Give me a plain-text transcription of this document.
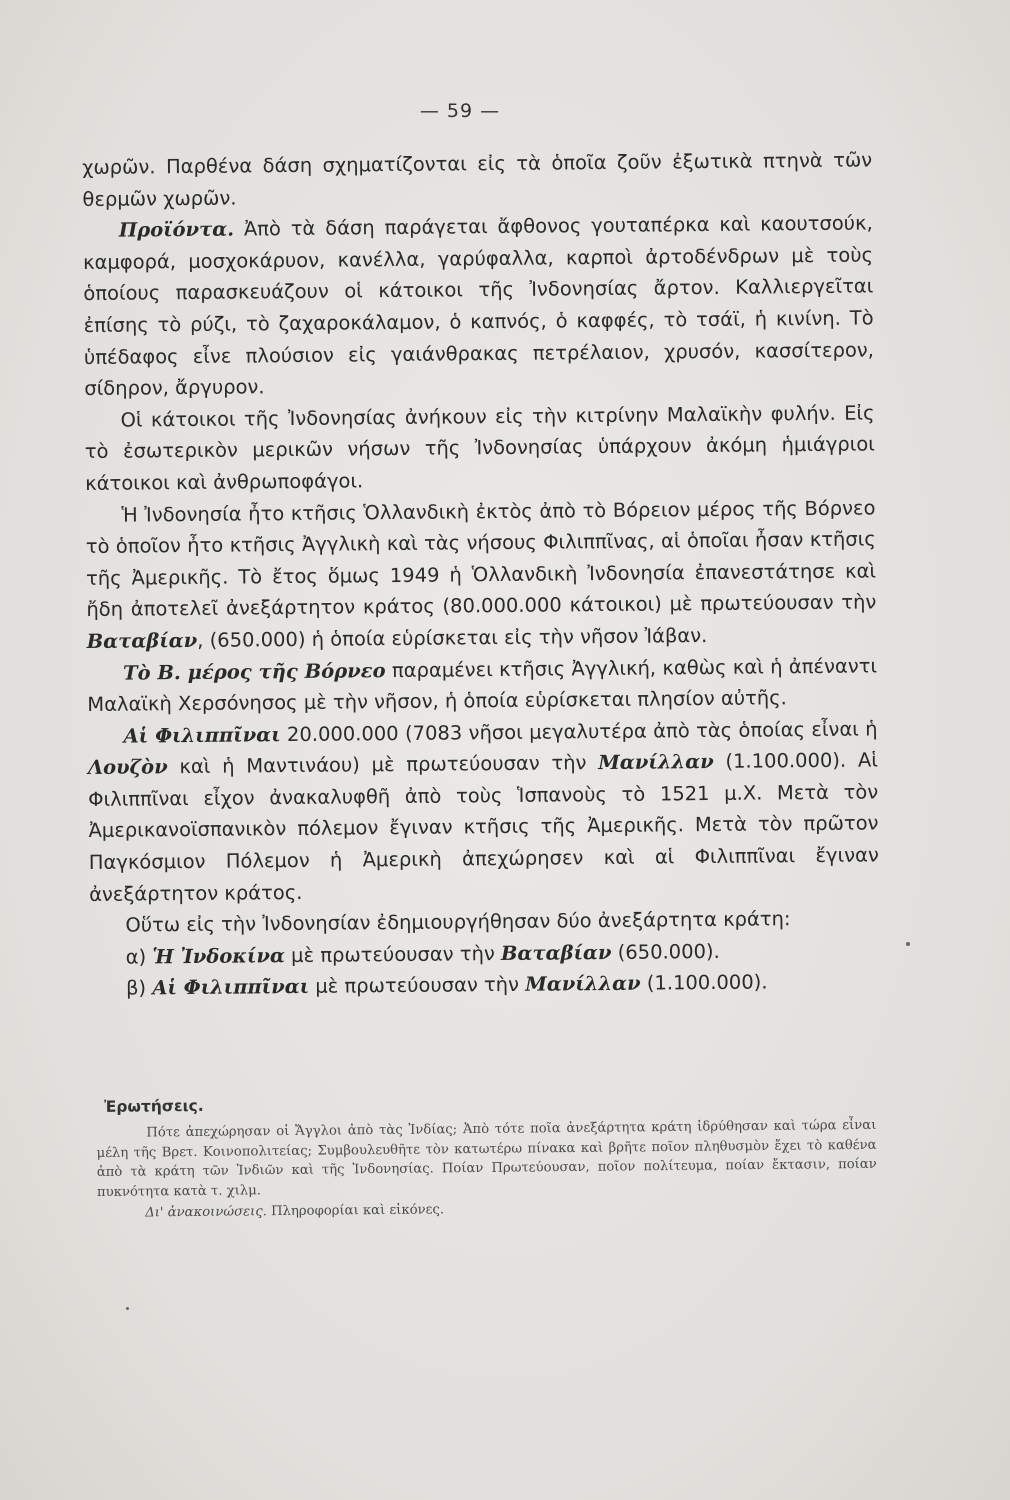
— 59 —

χωρῶν. Παρθένα δάση σχηματίζονται εἰς τὰ ὁποῖα ζοῦν ἐξωτικὰ πτηνὰ τῶν θερμῶν χωρῶν.

Προϊόντα. Ἀπὸ τὰ δάση παράγεται ἄφθονος γουταπέρκα καὶ καουτσούκ, καμφορά, μοσχοκάρυον, κανέλλα, γαρύφαλλα, καρποὶ ἀρτοδένδρων μὲ τοὺς ὁποίους παρασκευάζουν οἱ κάτοικοι τῆς Ἰνδονησίας ἄρτον. Καλλιεργεῖται ἐπίσης τὸ ρύζι, τὸ ζαχαροκάλαμον, ὁ καπνός, ὁ καφφές, τὸ τσάϊ, ἡ κινίνη. Τὸ ὑπέδαφος εἶνε πλούσιον εἰς γαιάνθρακας πετρέλαιον, χρυσόν, κασσίτερον, σίδηρον, ἄργυρον.

Οἱ κάτοικοι τῆς Ἰνδονησίας ἀνήκουν εἰς τὴν κιτρίνην Μαλαϊκὴν φυλήν. Εἰς τὸ ἐσωτερικὸν μερικῶν νήσων τῆς Ἰνδονησίας ὑπάρχουν ἀκόμη ἡμιάγριοι κάτοικοι καὶ ἀνθρωποφάγοι.

Ἡ Ἰνδονησία ἦτο κτῆσις Ὁλλανδικὴ ἐκτὸς ἀπὸ τὸ Βόρειον μέρος τῆς Βόρνεο τὸ ὁποῖον ἦτο κτῆσις Ἀγγλικὴ καὶ τὰς νήσους Φιλιππῖνας, αἱ ὁποῖαι ἦσαν κτῆσις τῆς Ἀμερικῆς. Τὸ ἔτος ὅμως 1949 ἡ Ὁλλανδικὴ Ἰνδονησία ἐπανεστάτησε καὶ ἤδη ἀποτελεῖ ἀνεξάρτητον κράτος (80.000.000 κάτοικοι) μὲ πρωτεύουσαν τὴν Βαταβίαν, (650.000) ἡ ὁποία εὑρίσκεται εἰς τὴν νῆσον Ἰάβαν.

Τὸ Β. μέρος τῆς Βόρνεο παραμένει κτῆσις Ἀγγλική, καθὼς καὶ ἡ ἀπέναντι Μαλαϊκὴ Χερσόνησος μὲ τὴν νῆσον, ἡ ὁποία εὑρίσκεται πλησίον αὐτῆς.

Αἱ Φιλιππῖναι 20.000.000 (7083 νῆσοι μεγαλυτέρα ἀπὸ τὰς ὁποίας εἶναι ἡ Λουζὸν καὶ ἡ Μαντινάου) μὲ πρωτεύουσαν τὴν Μανίλλαν (1.100.000). Αἱ Φιλιππῖναι εἶχον ἀνακαλυφθῆ ἀπὸ τοὺς Ἱσπανοὺς τὸ 1521 μ.Χ. Μετὰ τὸν Ἀμερικανοϊσπανικὸν πόλεμον ἔγιναν κτῆσις τῆς Ἀμερικῆς. Μετὰ τὸν πρῶτον Παγκόσμιον Πόλεμον ἡ Ἀμερικὴ ἀπεχώρησεν καὶ αἱ Φιλιππῖναι ἔγιναν ἀνεξάρτητον κράτος.

Οὕτω εἰς τὴν Ἰνδονησίαν ἐδημιουργήθησαν δύο ἀνεξάρτητα κράτη:

α) Ἡ Ἰνδοκίνα μὲ πρωτεύουσαν τὴν Βαταβίαν (650.000).

β) Αἱ Φιλιππῖναι μὲ πρωτεύουσαν τὴν Μανίλλαν (1.100.000).

Ἐρωτήσεις.

Πότε ἀπεχώρησαν οἱ Ἄγγλοι ἀπὸ τὰς Ἰνδίας; Ἀπὸ τότε ποῖα ἀνεξάρτητα κράτη ἱδρύθησαν καὶ τώρα εἶναι μέλη τῆς Βρετ. Κοινοπολιτείας; Συμβουλευθῆτε τὸν κατωτέρω πίνακα καὶ βρῆτε ποῖον πληθυσμὸν ἔχει τὸ καθένα ἀπὸ τὰ κράτη τῶν Ἰνδιῶν καὶ τῆς Ἰνδονησίας. Ποίαν Πρωτεύουσαν, ποῖον πολίτευμα, ποίαν ἔκτασιν, ποίαν πυκνότητα κατὰ τ. χιλμ.

Δι' ἀνακοινώσεις. Πληροφορίαι καὶ εἰκόνες.
